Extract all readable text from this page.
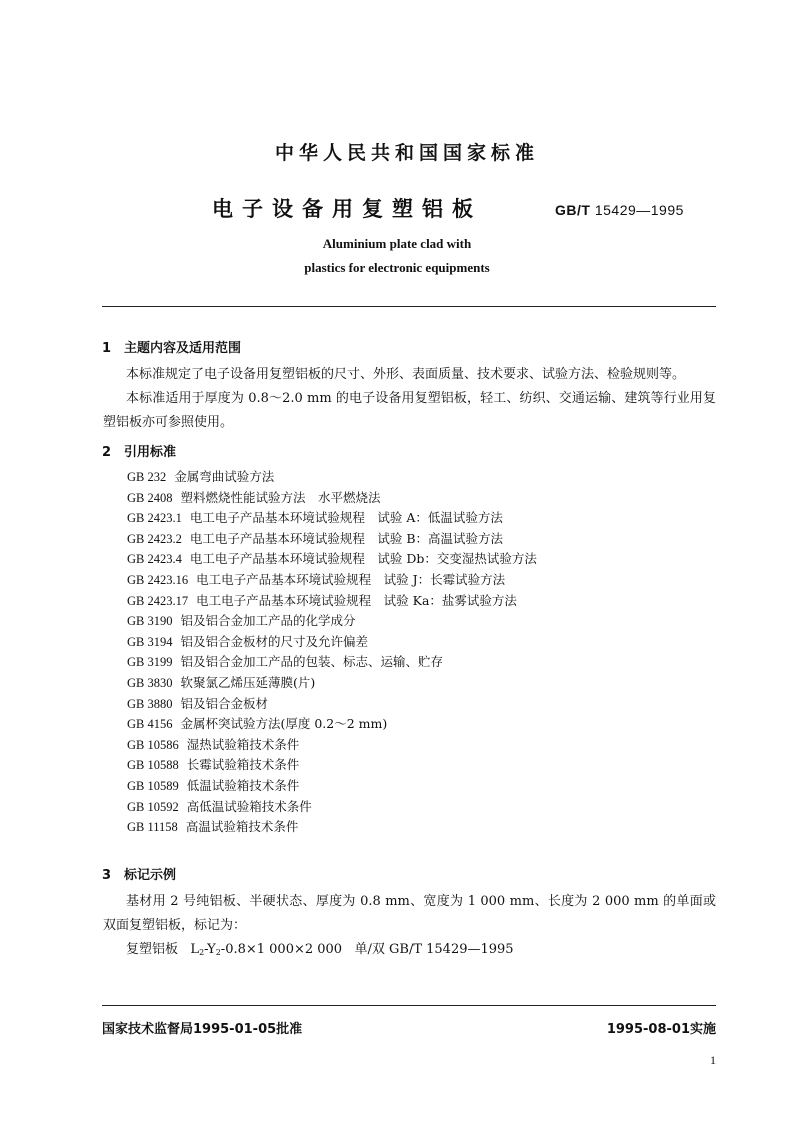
中华人民共和国国家标准
电子设备用复塑铝板	GB/T 15429—1995
Aluminium plate clad with
plastics for electronic equipments
1 主题内容及适用范围

本标准规定了电子设备用复塑铝板的尺寸、外形、表面质量、技术要求、试验方法、检验规则等。

本标准适用于厚度为 0.8～2.0 mm 的电子设备用复塑铝板，轻工、纺织、交通运输、建筑等行业用复塑铝板亦可参照使用。

2 引用标准
GB 232 金属弯曲试验方法
GB 2408 塑料燃烧性能试验方法　水平燃烧法
GB 2423.1 电工电子产品基本环境试验规程　试验 A：低温试验方法
GB 2423.2 电工电子产品基本环境试验规程　试验 B：高温试验方法
GB 2423.4 电工电子产品基本环境试验规程　试验 Db：交变湿热试验方法
GB 2423.16 电工电子产品基本环境试验规程　试验 J：长霉试验方法
GB 2423.17 电工电子产品基本环境试验规程　试验 Ka：盐雾试验方法
GB 3190 铝及铝合金加工产品的化学成分
GB 3194 铝及铝合金板材的尺寸及允许偏差
GB 3199 铝及铝合金加工产品的包装、标志、运输、贮存
GB 3830 软聚氯乙烯压延薄膜(片)
GB 3880 铝及铝合金板材
GB 4156 金属杯突试验方法(厚度 0.2～2 mm)
GB 10586 湿热试验箱技术条件
GB 10588 长霉试验箱技术条件
GB 10589 低温试验箱技术条件
GB 10592 高低温试验箱技术条件
GB 11158 高温试验箱技术条件
3 标记示例

基材用 2 号纯铝板、半硬状态、厚度为 0.8 mm、宽度为 1 000 mm、长度为 2 000 mm 的单面或双面复塑铝板，标记为：

复塑铝板 $L_2-Y_2-0.8\times 1$ 000×2 000 单/双 GB/T 15429—1995
国家技术监督局1995-01-05批准	1995-08-01实施
1
